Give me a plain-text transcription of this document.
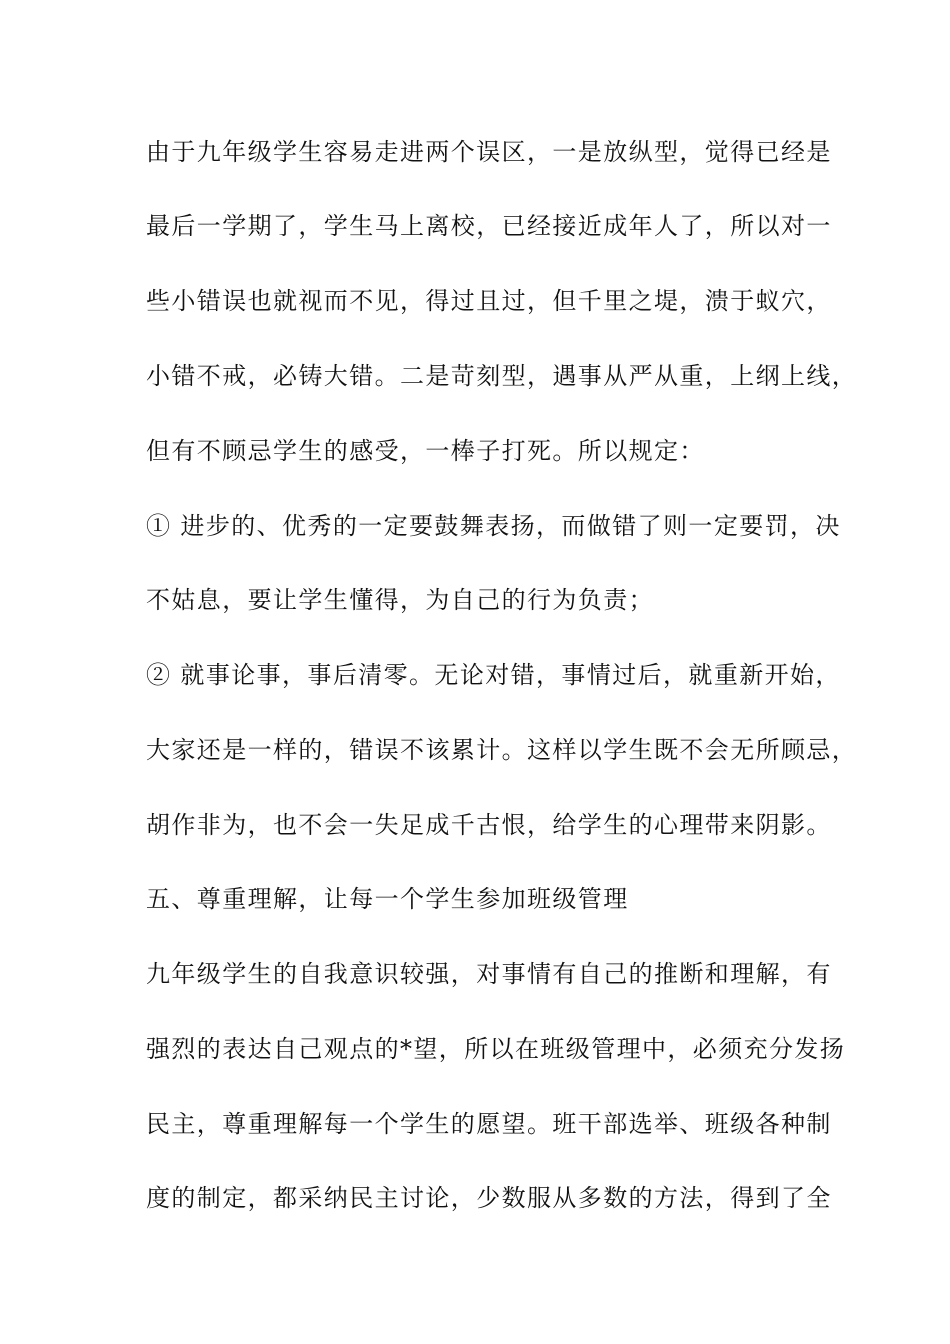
由于九年级学生容易走进两个误区，一是放纵型，觉得已经是
最后一学期了，学生马上离校，已经接近成年人了，所以对一
些小错误也就视而不见，得过且过，但千里之堤，溃于蚁穴，
小错不戒，必铸大错。二是苛刻型，遇事从严从重，上纲上线，
但有不顾忌学生的感受，一棒子打死。所以规定：
① 进步的、优秀的一定要鼓舞表扬，而做错了则一定要罚，决
不姑息，要让学生懂得，为自己的行为负责；
② 就事论事，事后清零。无论对错，事情过后，就重新开始，
大家还是一样的，错误不该累计。这样以学生既不会无所顾忌，
胡作非为，也不会一失足成千古恨，给学生的心理带来阴影。
五、尊重理解，让每一个学生参加班级管理
九年级学生的自我意识较强，对事情有自己的推断和理解，有
强烈的表达自己观点的*望，所以在班级管理中，必须充分发扬
民主，尊重理解每一个学生的愿望。班干部选举、班级各种制
度的制定，都采纳民主讨论，少数服从多数的方法，得到了全
